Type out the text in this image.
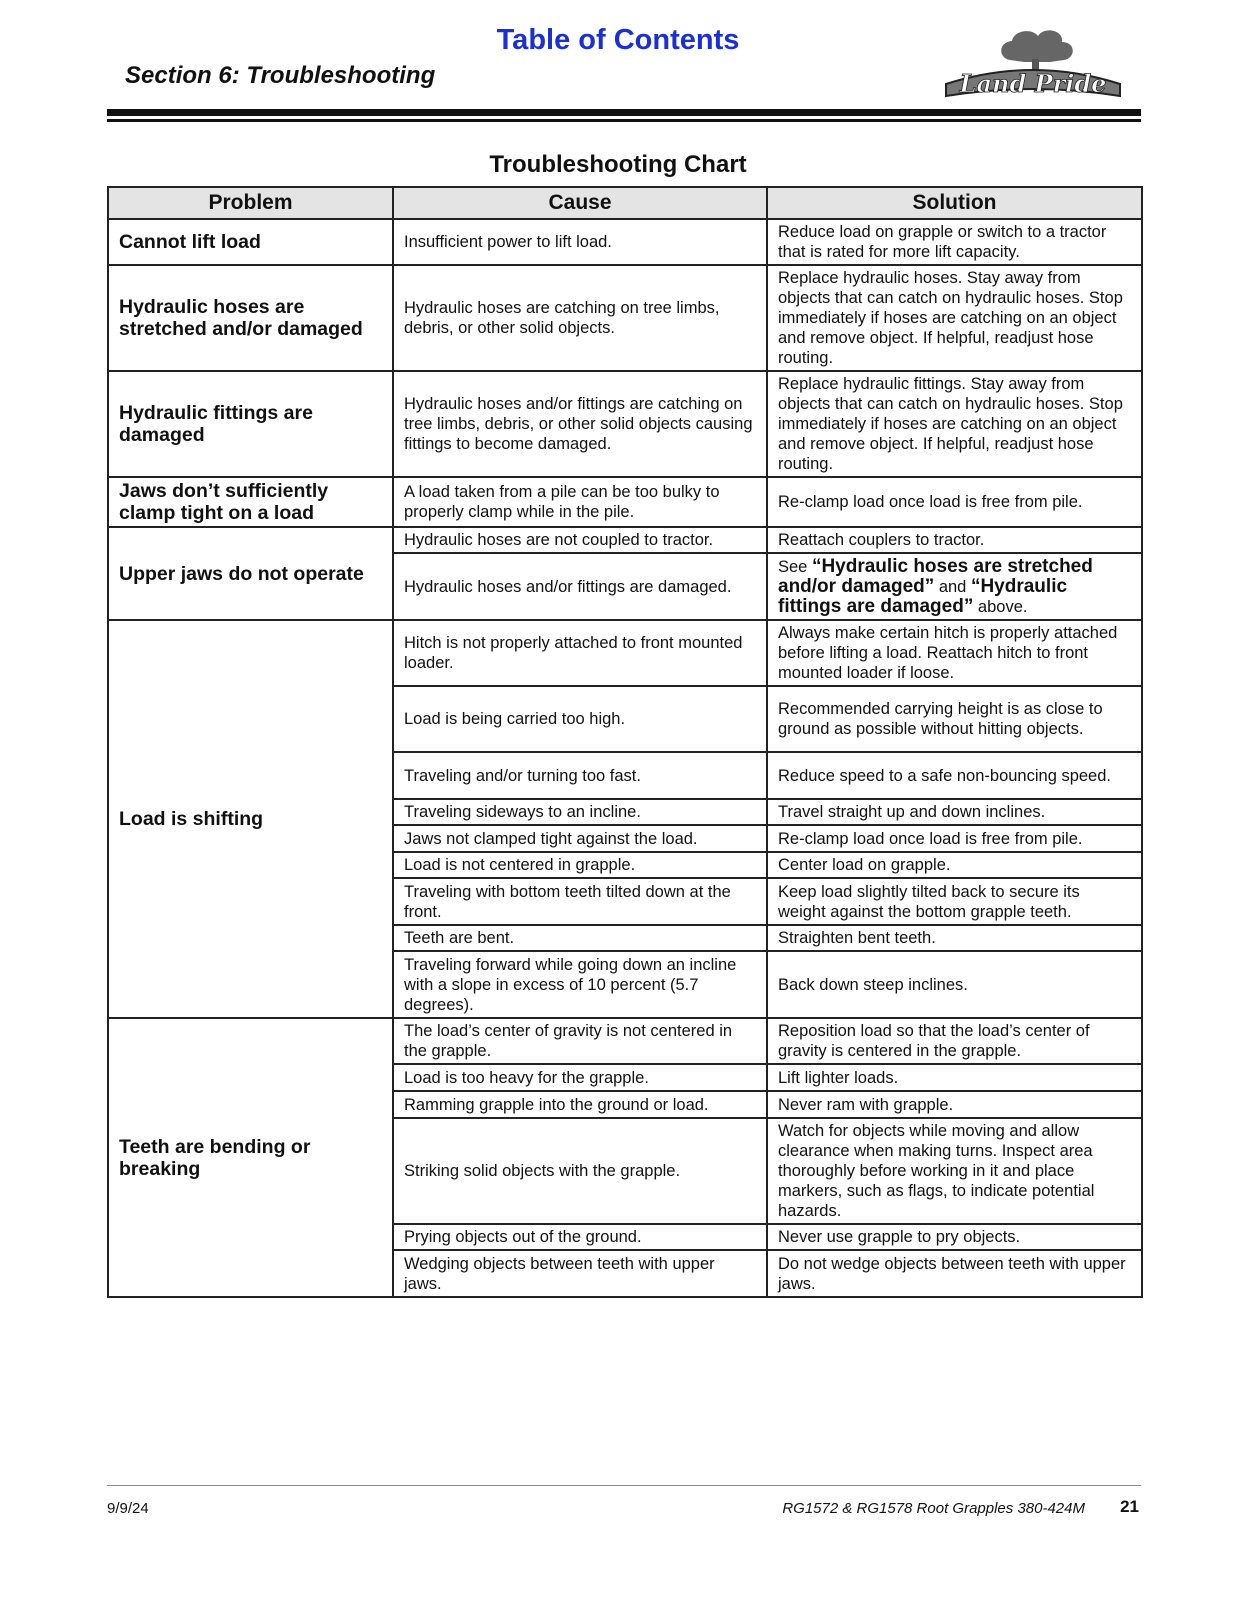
Table of Contents
Section 6: Troubleshooting	Land Pride
Troubleshooting Chart
Problem	Cause	Solution
Cannot lift load	Insufficient power to lift load.	Reduce load on grapple or switch to a tractor that is rated for more lift capacity.
Hydraulic hoses are stretched and/or damaged	Hydraulic hoses are catching on tree limbs, debris, or other solid objects.	Replace hydraulic hoses. Stay away from objects that can catch on hydraulic hoses. Stop immediately if hoses are catching on an object and remove object. If helpful, readjust hose routing.
Hydraulic fittings are damaged	Hydraulic hoses and/or fittings are catching on tree limbs, debris, or other solid objects causing fittings to become damaged.	Replace hydraulic fittings. Stay away from objects that can catch on hydraulic hoses. Stop immediately if hoses are catching on an object and remove object. If helpful, readjust hose routing.
Jaws don’t sufficiently clamp tight on a load	A load taken from a pile can be too bulky to properly clamp while in the pile.	Re-clamp load once load is free from pile.
Upper jaws do not operate	Hydraulic hoses are not coupled to tractor.	Reattach couplers to tractor.
	Hydraulic hoses and/or fittings are damaged.	See “Hydraulic hoses are stretched and/or damaged” and “Hydraulic fittings are damaged” above.
Load is shifting	Hitch is not properly attached to front mounted loader.	Always make certain hitch is properly attached before lifting a load. Reattach hitch to front mounted loader if loose.
	Load is being carried too high.	Recommended carrying height is as close to ground as possible without hitting objects.
	Traveling and/or turning too fast.	Reduce speed to a safe non-bouncing speed.
	Traveling sideways to an incline.	Travel straight up and down inclines.
	Jaws not clamped tight against the load.	Re-clamp load once load is free from pile.
	Load is not centered in grapple.	Center load on grapple.
	Traveling with bottom teeth tilted down at the front.	Keep load slightly tilted back to secure its weight against the bottom grapple teeth.
	Teeth are bent.	Straighten bent teeth.
	Traveling forward while going down an incline with a slope in excess of 10 percent (5.7 degrees).	Back down steep inclines.
Teeth are bending or breaking	The load’s center of gravity is not centered in the grapple.	Reposition load so that the load’s center of gravity is centered in the grapple.
	Load is too heavy for the grapple.	Lift lighter loads.
	Ramming grapple into the ground or load.	Never ram with grapple.
	Striking solid objects with the grapple.	Watch for objects while moving and allow clearance when making turns. Inspect area thoroughly before working in it and place markers, such as flags, to indicate potential hazards.
	Prying objects out of the ground.	Never use grapple to pry objects.
	Wedging objects between teeth with upper jaws.	Do not wedge objects between teeth with upper jaws.
9/9/24	RG1572 & RG1578 Root Grapples 380-424M 21
